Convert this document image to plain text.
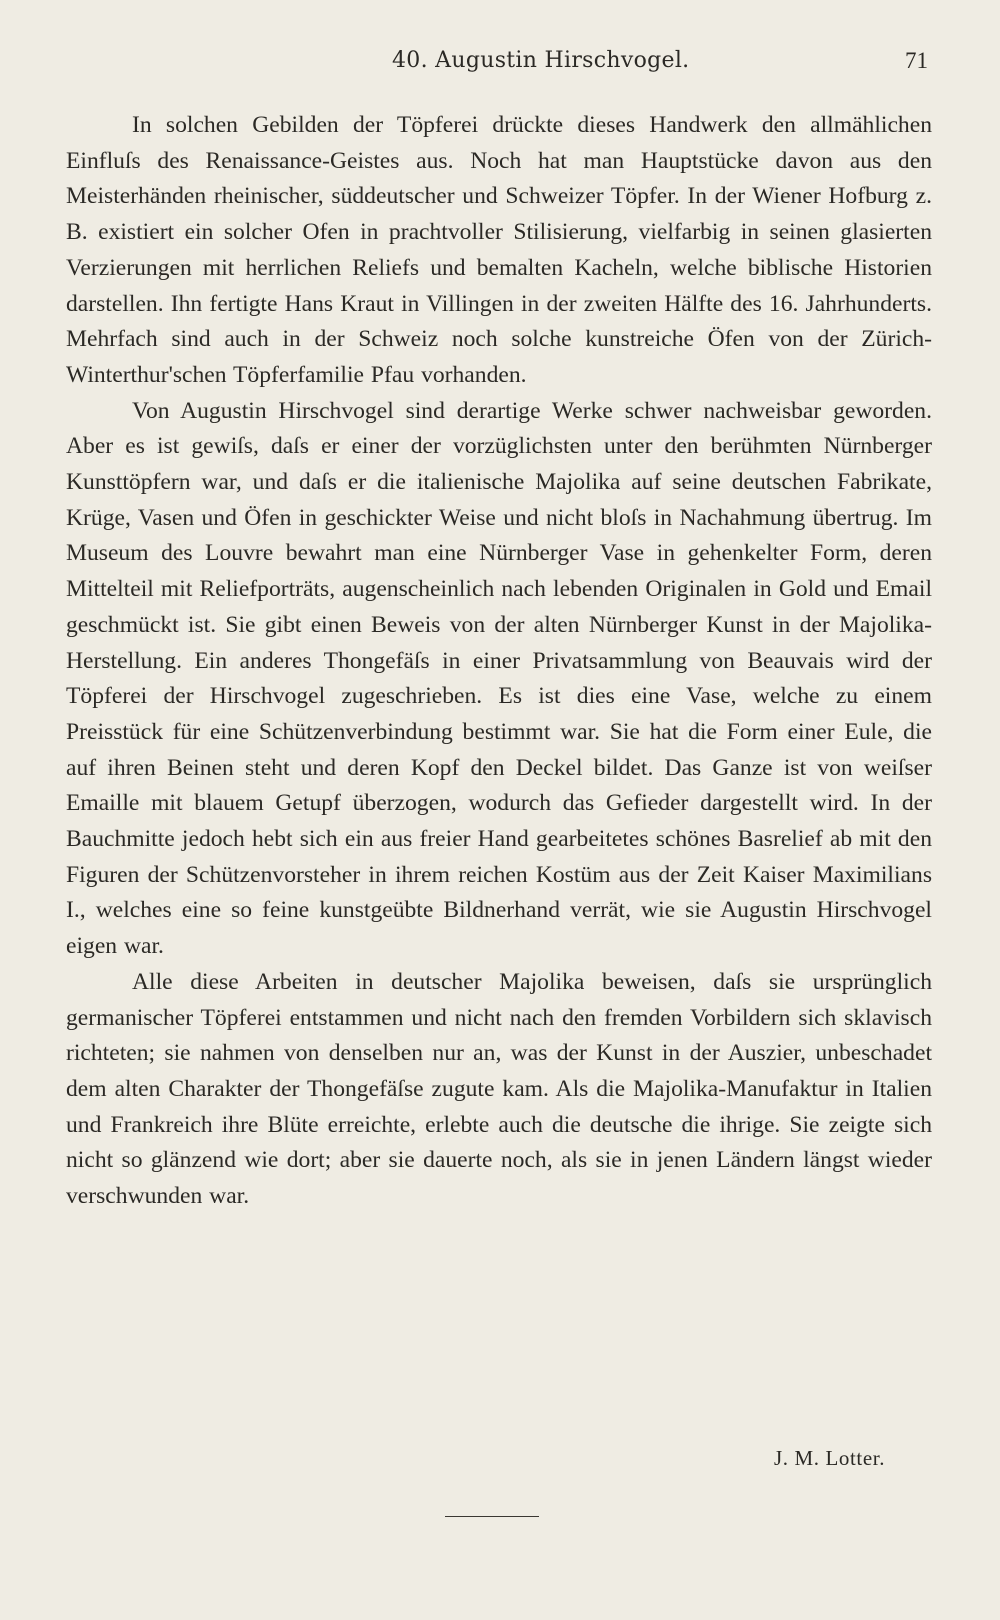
40. Augustin Hirschvogel.	71

In solchen Gebilden der Töpferei drückte dieses Handwerk den allmählichen Einfluſs des Renaissance-Geistes aus. Noch hat man Hauptstücke davon aus den Meisterhänden rheinischer, süddeutscher und Schweizer Töpfer. In der Wiener Hofburg z. B. existiert ein solcher Ofen in prachtvoller Stilisierung, vielfarbig in seinen glasierten Verzierungen mit herrlichen Reliefs und bemalten Kacheln, welche biblische Historien darstellen. Ihn fertigte Hans Kraut in Villingen in der zweiten Hälfte des 16. Jahrhunderts. Mehrfach sind auch in der Schweiz noch solche kunstreiche Öfen von der Zürich-Winterthur'schen Töpferfamilie Pfau vorhanden.

Von Augustin Hirschvogel sind derartige Werke schwer nachweisbar geworden. Aber es ist gewiſs, daſs er einer der vorzüglichsten unter den berühmten Nürnberger Kunsttöpfern war, und daſs er die italienische Majolika auf seine deutschen Fabrikate, Krüge, Vasen und Öfen in geschickter Weise und nicht bloſs in Nachahmung übertrug. Im Museum des Louvre bewahrt man eine Nürnberger Vase in gehenkelter Form, deren Mittelteil mit Reliefporträts, augenscheinlich nach lebenden Originalen in Gold und Email geschmückt ist. Sie gibt einen Beweis von der alten Nürnberger Kunst in der Majolika-Herstellung. Ein anderes Thongefäſs in einer Privatsammlung von Beauvais wird der Töpferei der Hirschvogel zugeschrieben. Es ist dies eine Vase, welche zu einem Preisstück für eine Schützenverbindung bestimmt war. Sie hat die Form einer Eule, die auf ihren Beinen steht und deren Kopf den Deckel bildet. Das Ganze ist von weiſser Emaille mit blauem Getupf überzogen, wodurch das Gefieder dargestellt wird. In der Bauchmitte jedoch hebt sich ein aus freier Hand gearbeitetes schönes Basrelief ab mit den Figuren der Schützenvorsteher in ihrem reichen Kostüm aus der Zeit Kaiser Maximilians I., welches eine so feine kunstgeübte Bildnerhand verrät, wie sie Augustin Hirschvogel eigen war.

Alle diese Arbeiten in deutscher Majolika beweisen, daſs sie ursprünglich germanischer Töpferei entstammen und nicht nach den fremden Vorbildern sich sklavisch richteten; sie nahmen von denselben nur an, was der Kunst in der Auszier, unbeschadet dem alten Charakter der Thongefäſse zugute kam. Als die Majolika-Manufaktur in Italien und Frankreich ihre Blüte erreichte, erlebte auch die deutsche die ihrige. Sie zeigte sich nicht so glänzend wie dort; aber sie dauerte noch, als sie in jenen Ländern längst wieder verschwunden war.

J. M. Lotter.
